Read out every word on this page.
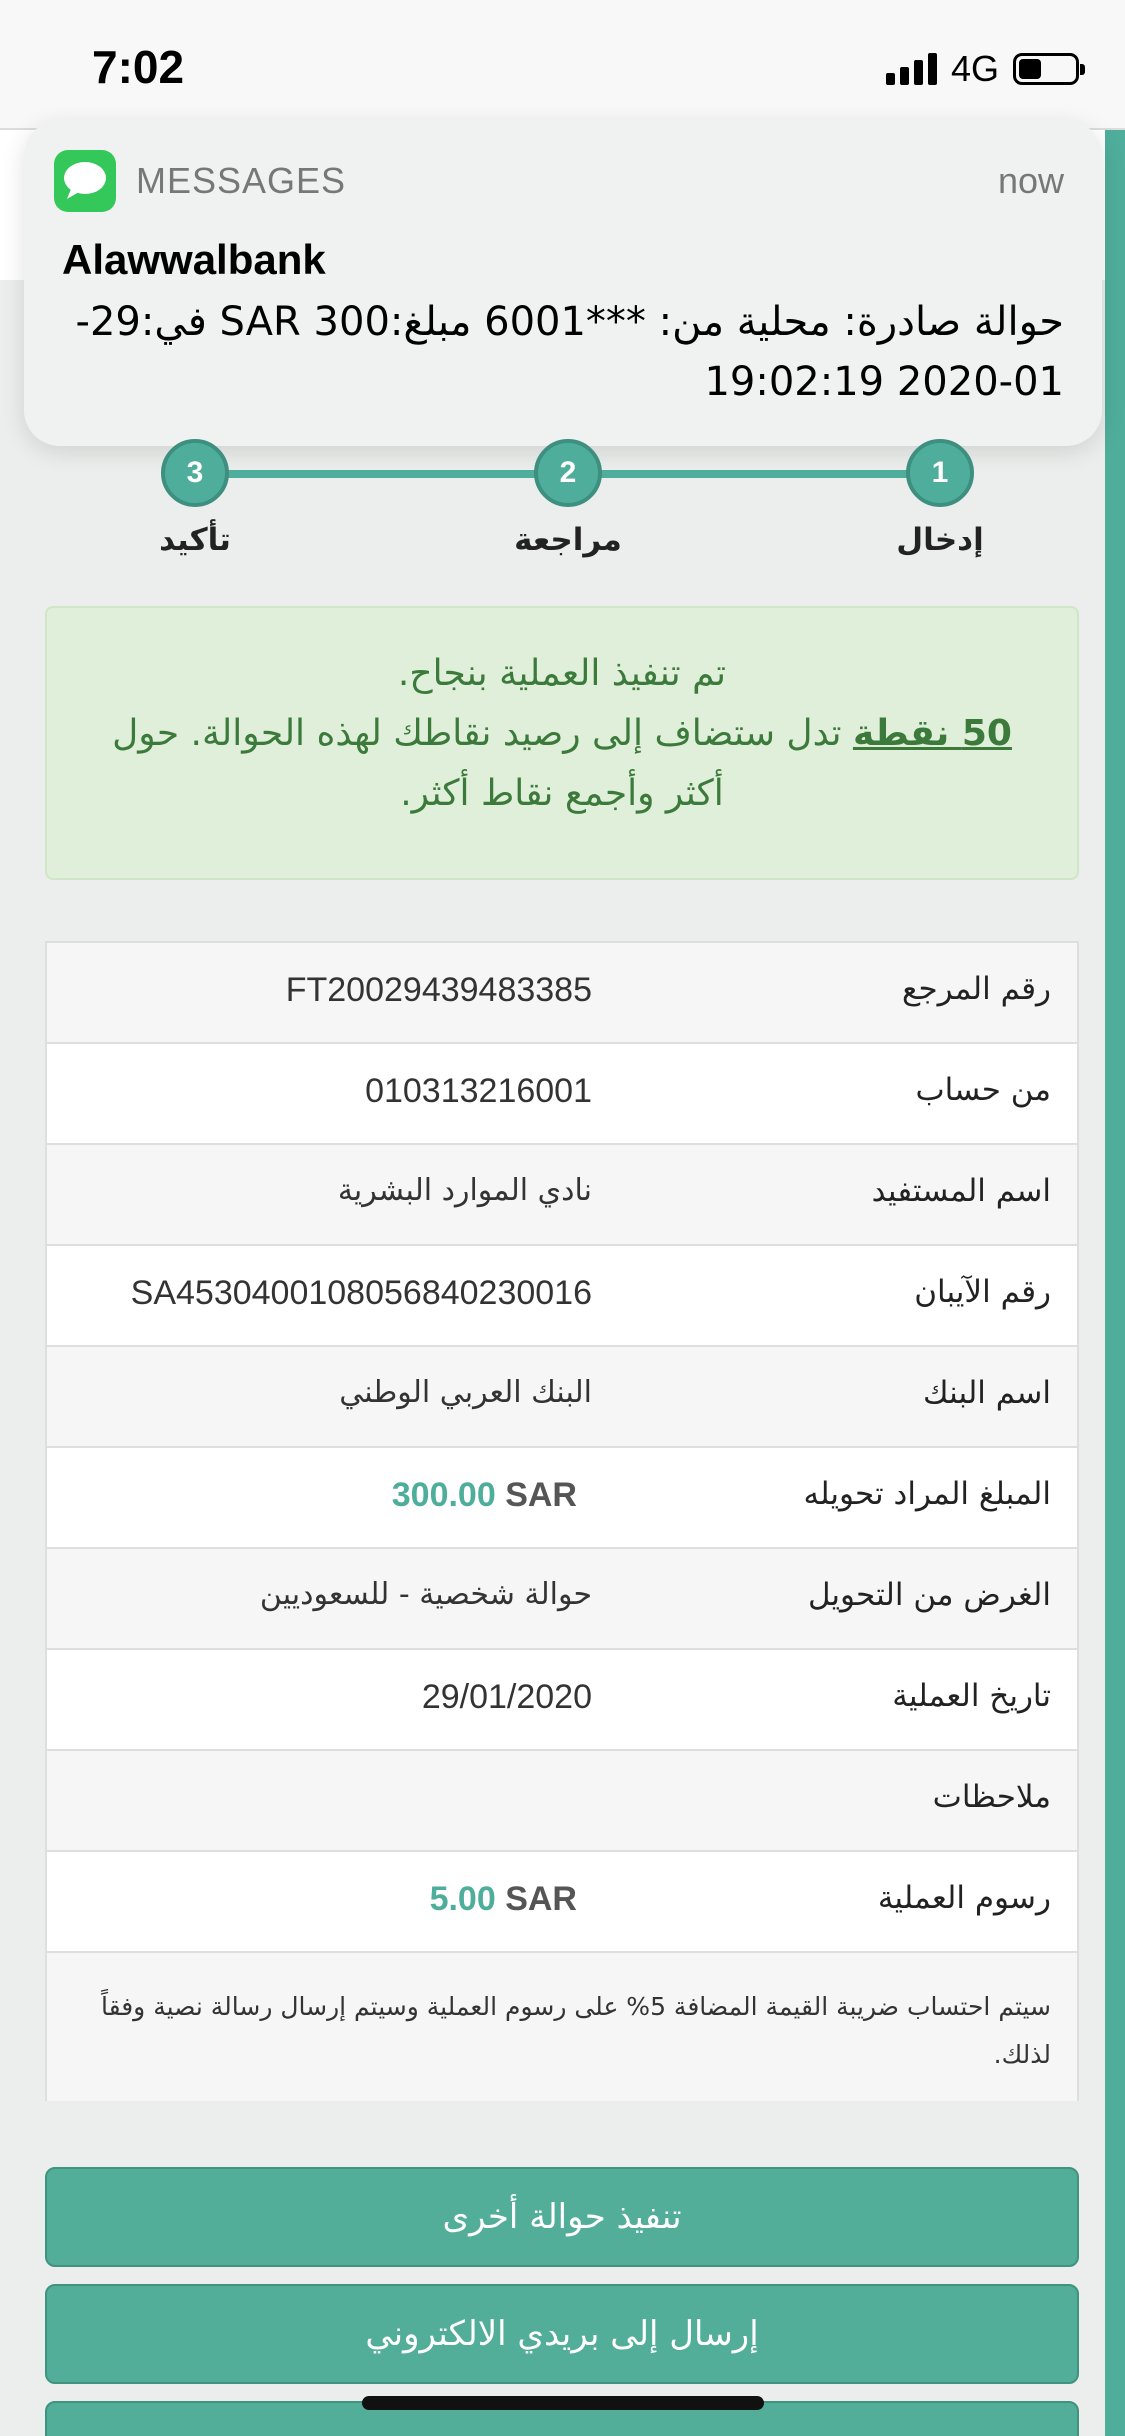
7:02	4G
MESSAGES	now
Alawwalbank
حوالة صادرة: محلية من: ***6001 مبلغ:300 SAR في:29-01-2020 19:02:19
1
2
3
إدخال
مراجعة
تأكيد
تم تنفيذ العملية بنجاح.
50 نقطة تدل ستضاف إلى رصيد نقاطك لهذه الحوالة. حول أكثر وأجمع نقاط أكثر.
رقم المرجع
FT20029439483385
من حساب
010313216001
اسم المستفيد
نادي الموارد البشرية
رقم الآيبان
SA4530400108056840230016
اسم البنك
البنك العربي الوطني
المبلغ المراد تحويله
300.00 SAR
الغرض من التحويل
حوالة شخصية - للسعوديين
تاريخ العملية
29/01/2020
ملاحظات
رسوم العملية
5.00 SAR
سيتم احتساب ضريبة القيمة المضافة 5% على رسوم العملية وسيتم إرسال رسالة نصية وفقاً لذلك.
تنفيذ حوالة أخرى
إرسال إلى بريدي الالكتروني
